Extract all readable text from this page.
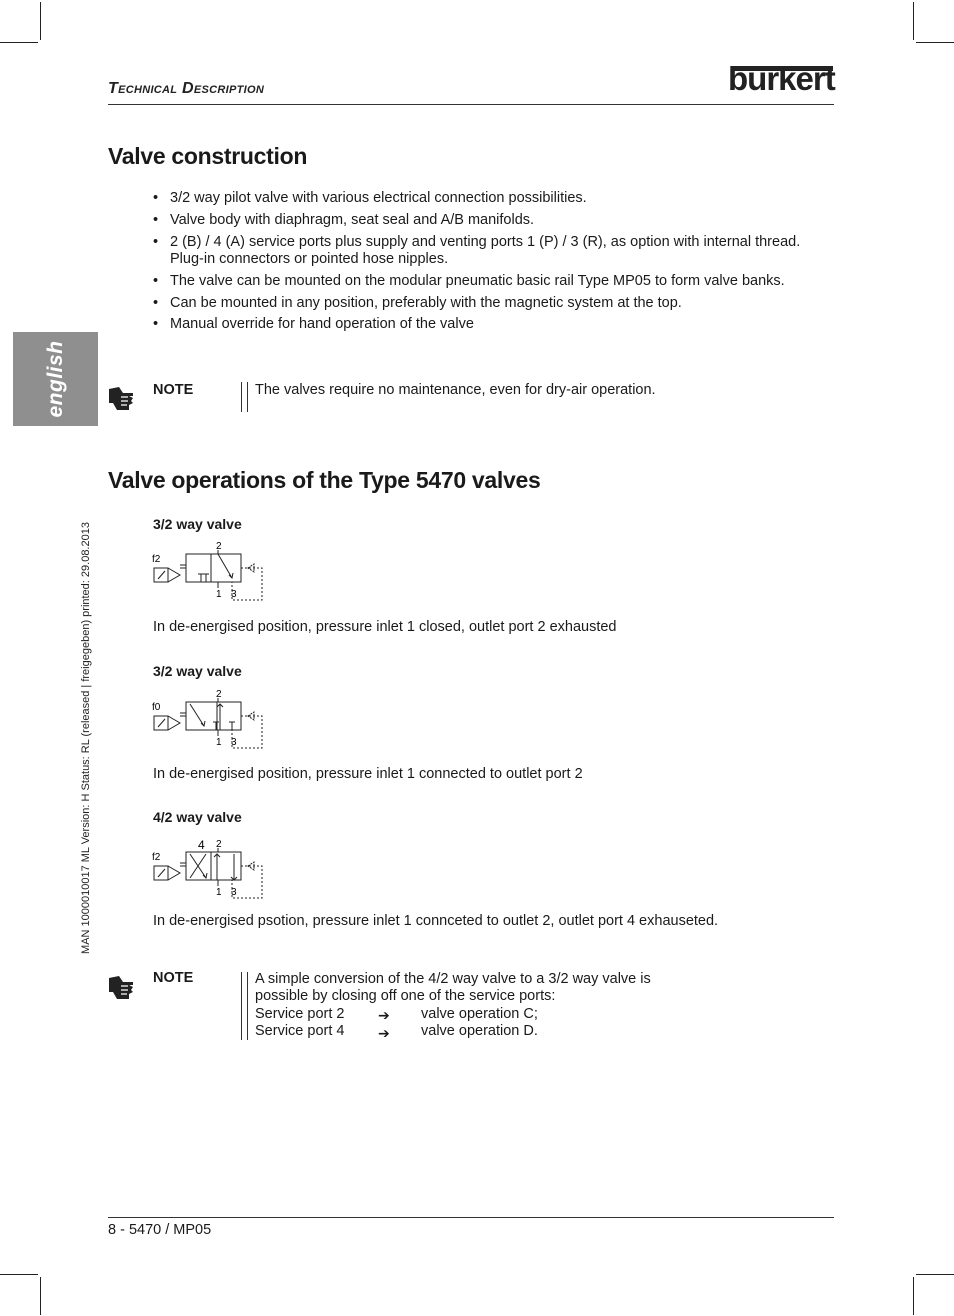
Technical Description	bürkert
english
MAN 1000010017 ML Version: H Status: RL (released | freigegeben) printed: 29.08.2013
Valve construction
• 3/2 way pilot valve with various electrical connection possibilities.
• Valve body with diaphragm, seat seal and A/B manifolds.
• 2 (B) / 4 (A) service ports plus supply and venting ports 1 (P) / 3 (R), as option with internal thread. Plug-in connectors or pointed hose nipples.
• The valve can be mounted on the modular pneumatic basic rail Type MP05 to form valve banks.
• Can be mounted in any position, preferably with the magnetic system at the top.
• Manual override for hand operation of the valve
NOTE	The valves require no maintenance, even for dry-air operation.
Valve operations of the Type 5470 valves
3/2 way valve
f2
2
1 3
In de-energised position, pressure inlet 1 closed, outlet port 2 exhausted
3/2 way valve
f0
2
1 3
In de-energised position, pressure inlet 1 connected to outlet port 2
4/2 way valve
f2
4 2
1 3
In de-energised psotion, pressure inlet 1 connceted to outlet 2, outlet port 4 exhauseted.
NOTE	A simple conversion of the 4/2 way valve to a 3/2 way valve is
possible by closing off one of the service ports:
Service port 2 ➔ valve operation C;
Service port 4 ➔ valve operation D.
8 - 5470 / MP05
